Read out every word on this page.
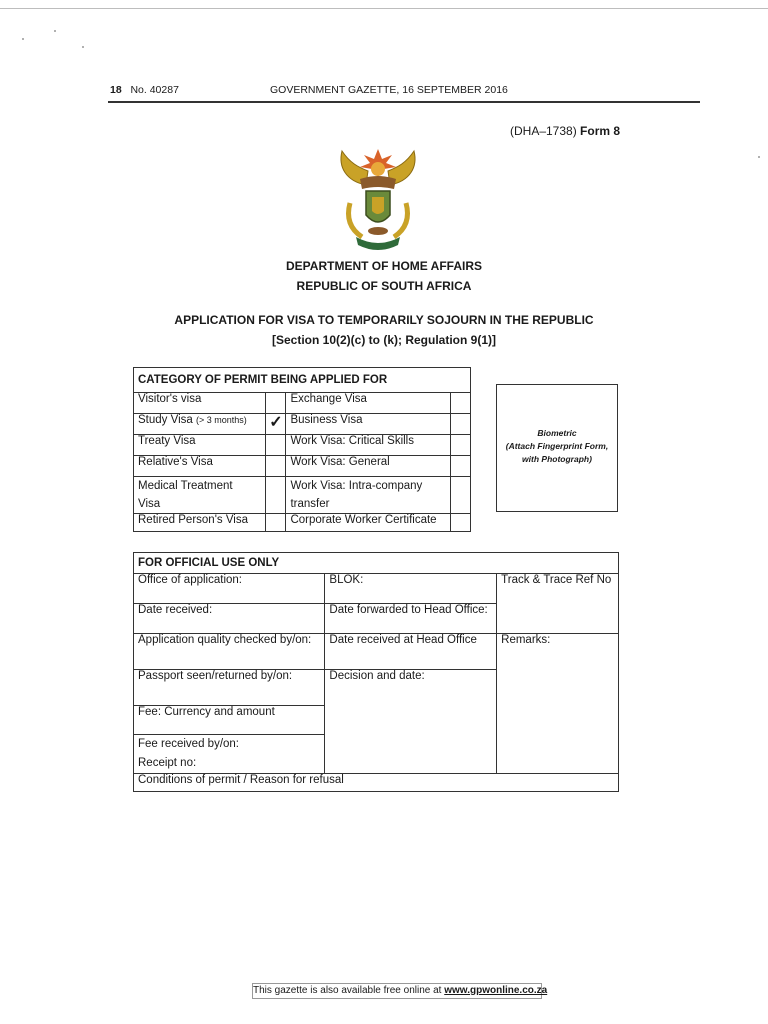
18 No. 40287	GOVERNMENT GAZETTE, 16 SEPTEMBER 2016
(DHA–1738) Form 8
DEPARTMENT OF HOME AFFAIRS
REPUBLIC OF SOUTH AFRICA
APPLICATION FOR VISA TO TEMPORARILY SOJOURN IN THE REPUBLIC
[Section 10(2)(c) to (k); Regulation 9(1)]
CATEGORY OF PERMIT BEING APPLIED FOR			
Visitor's visa		Exchange Visa	
Study Visa (> 3 months)	✓	Business Visa	
Treaty Visa		Work Visa: Critical Skills	
Relative's Visa		Work Visa: General	
Medical Treatment
Visa		Work Visa: Intra-company
transfer	
Retired Person's Visa		Corporate Worker Certificate	
Biometric
(Attach Fingerprint Form,
with Photograph)
FOR OFFICIAL USE ONLY		
Office of application:	BLOK:	Track & Trace Ref No
Date received:	Date forwarded to Head Office:	
Application quality checked by/on:	Date received at Head Office	Remarks:
Passport seen/returned by/on:	Decision and date:	
Fee: Currency and amount		
Fee received by/on:
Receipt no:		
Conditions of permit / Reason for refusal		
This gazette is also available free online at www.gpwonline.co.za
